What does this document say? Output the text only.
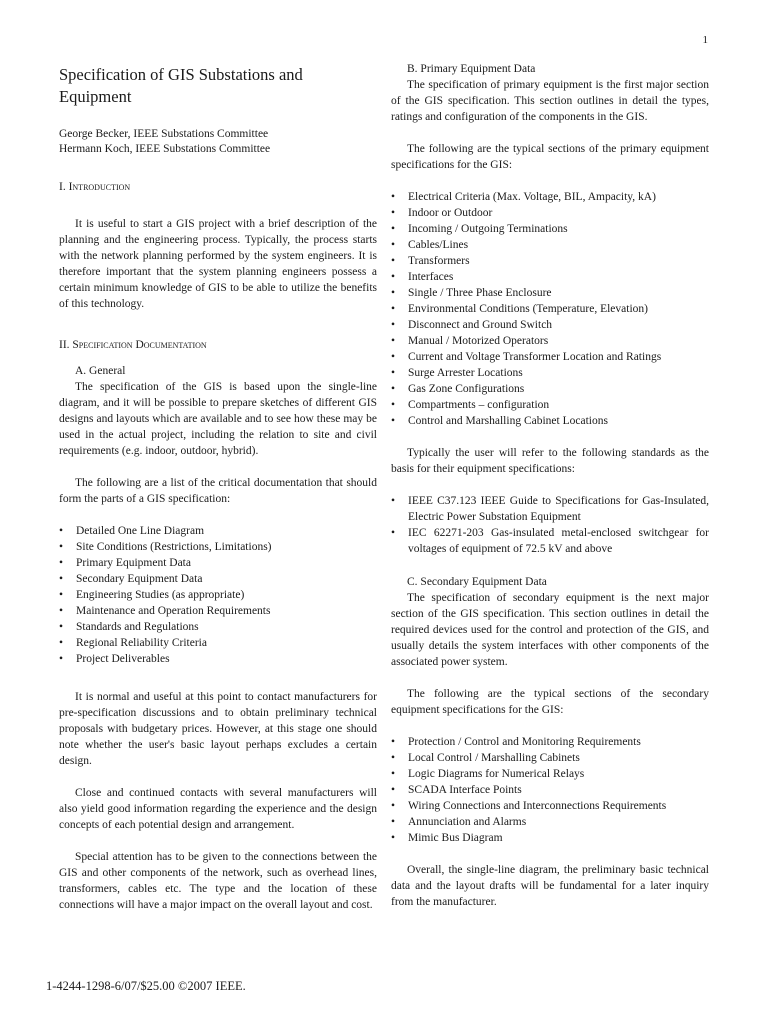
1
Specification of GIS Substations and Equipment
George Becker, IEEE Substations Committee
Hermann Koch, IEEE Substations Committee
I. Introduction

It is useful to start a GIS project with a brief description of the planning and the engineering process. Typically, the process starts with the network planning performed by the system engineers. It is therefore important that the system planning engineers possess a certain minimum knowledge of GIS to be able to utilize the benefits of this technology.

II. Specification Documentation
A. General

The specification of the GIS is based upon the single-line diagram, and it will be possible to prepare sketches of different GIS designs and layouts which are available and to see how these may be used in the actual project, including the relation to site and civil requirements (e.g. indoor, outdoor, hybrid).

The following are a list of the critical documentation that should form the parts of a GIS specification:

• Detailed One Line Diagram
• Site Conditions (Restrictions, Limitations)
• Primary Equipment Data
• Secondary Equipment Data
• Engineering Studies (as appropriate)
• Maintenance and Operation Requirements
• Standards and Regulations
• Regional Reliability Criteria
• Project Deliverables

It is normal and useful at this point to contact manufacturers for pre-specification discussions and to obtain preliminary technical proposals with budgetary prices. However, at this stage one should note whether the user's basic layout perhaps excludes a certain design.

Close and continued contacts with several manufacturers will also yield good information regarding the experience and the design concepts of each potential design and arrangement.

Special attention has to be given to the connections between the GIS and other components of the network, such as overhead lines, transformers, cables etc. The type and the location of these connections will have a major impact on the overall layout and cost.

B. Primary Equipment Data

The specification of primary equipment is the first major section of the GIS specification. This section outlines in detail the types, ratings and configuration of the components in the GIS.

The following are the typical sections of the primary equipment specifications for the GIS:

• Electrical Criteria (Max. Voltage, BIL, Ampacity, kA)
• Indoor or Outdoor
• Incoming / Outgoing Terminations
• Cables/Lines
• Transformers
• Interfaces
• Single / Three Phase Enclosure
• Environmental Conditions (Temperature, Elevation)
• Disconnect and Ground Switch
• Manual / Motorized Operators
• Current and Voltage Transformer Location and Ratings
• Surge Arrester Locations
• Gas Zone Configurations
• Compartments – configuration
• Control and Marshalling Cabinet Locations

Typically the user will refer to the following standards as the basis for their equipment specifications:

• IEEE C37.123 IEEE Guide to Specifications for Gas-Insulated, Electric Power Substation Equipment
• IEC 62271-203 Gas-insulated metal-enclosed switchgear for voltages of equipment of 72.5 kV and above
C. Secondary Equipment Data

The specification of secondary equipment is the next major section of the GIS specification. This section outlines in detail the required devices used for the control and protection of the GIS, and usually details the system interfaces with other components of the associated power system.

The following are the typical sections of the secondary equipment specifications for the GIS:

• Protection / Control and Monitoring Requirements
• Local Control / Marshalling Cabinets
• Logic Diagrams for Numerical Relays
• SCADA Interface Points
• Wiring Connections and Interconnections Requirements
• Annunciation and Alarms
• Mimic Bus Diagram

Overall, the single-line diagram, the preliminary basic technical data and the layout drafts will be fundamental for a later inquiry from the manufacturer.

1-4244-1298-6/07/$25.00 ©2007 IEEE.
